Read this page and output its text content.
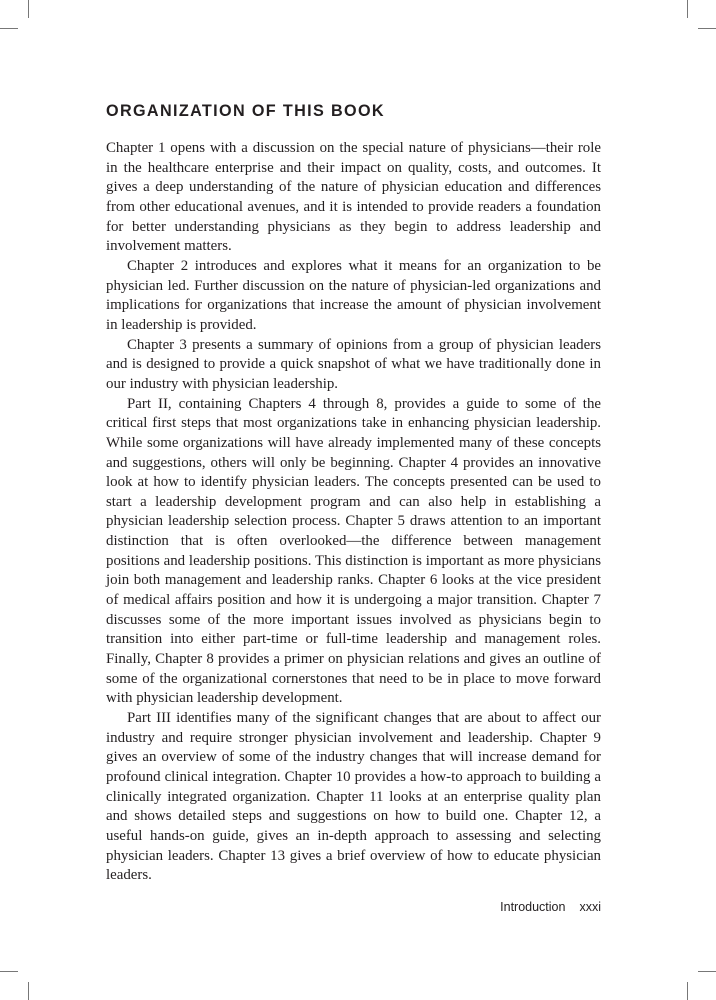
ORGANIZATION OF THIS BOOK

Chapter 1 opens with a discussion on the special nature of physicians—their role in the healthcare enterprise and their impact on quality, costs, and outcomes. It gives a deep understanding of the nature of physician education and differences from other educational avenues, and it is intended to provide readers a foundation for better understanding physicians as they begin to address leadership and involvement matters.

Chapter 2 introduces and explores what it means for an organization to be physician led. Further discussion on the nature of physician-led organizations and implications for organizations that increase the amount of physician involvement in leadership is provided.

Chapter 3 presents a summary of opinions from a group of physician leaders and is designed to provide a quick snapshot of what we have traditionally done in our industry with physician leadership.

Part II, containing Chapters 4 through 8, provides a guide to some of the critical first steps that most organizations take in enhancing physician leadership. While some organizations will have already implemented many of these concepts and suggestions, others will only be beginning. Chapter 4 provides an innovative look at how to identify physician leaders. The concepts presented can be used to start a leadership development program and can also help in establishing a physician leadership selection process. Chapter 5 draws attention to an important distinction that is often overlooked—the difference between management positions and leadership positions. This distinction is important as more physicians join both management and leadership ranks. Chapter 6 looks at the vice president of medical affairs position and how it is undergoing a major transition. Chapter 7 discusses some of the more important issues involved as physicians begin to transition into either part-time or full-time leadership and management roles. Finally, Chapter 8 provides a primer on physician relations and gives an outline of some of the organizational cornerstones that need to be in place to move forward with physician leadership development.

Part III identifies many of the significant changes that are about to affect our industry and require stronger physician involvement and leadership. Chapter 9 gives an overview of some of the industry changes that will increase demand for profound clinical integration. Chapter 10 provides a how-to approach to building a clinically integrated organization. Chapter 11 looks at an enterprise quality plan and shows detailed steps and suggestions on how to build one. Chapter 12, a useful hands-on guide, gives an in-depth approach to assessing and selecting physician leaders. Chapter 13 gives a brief overview of how to educate physician leaders.

Introduction xxxi
